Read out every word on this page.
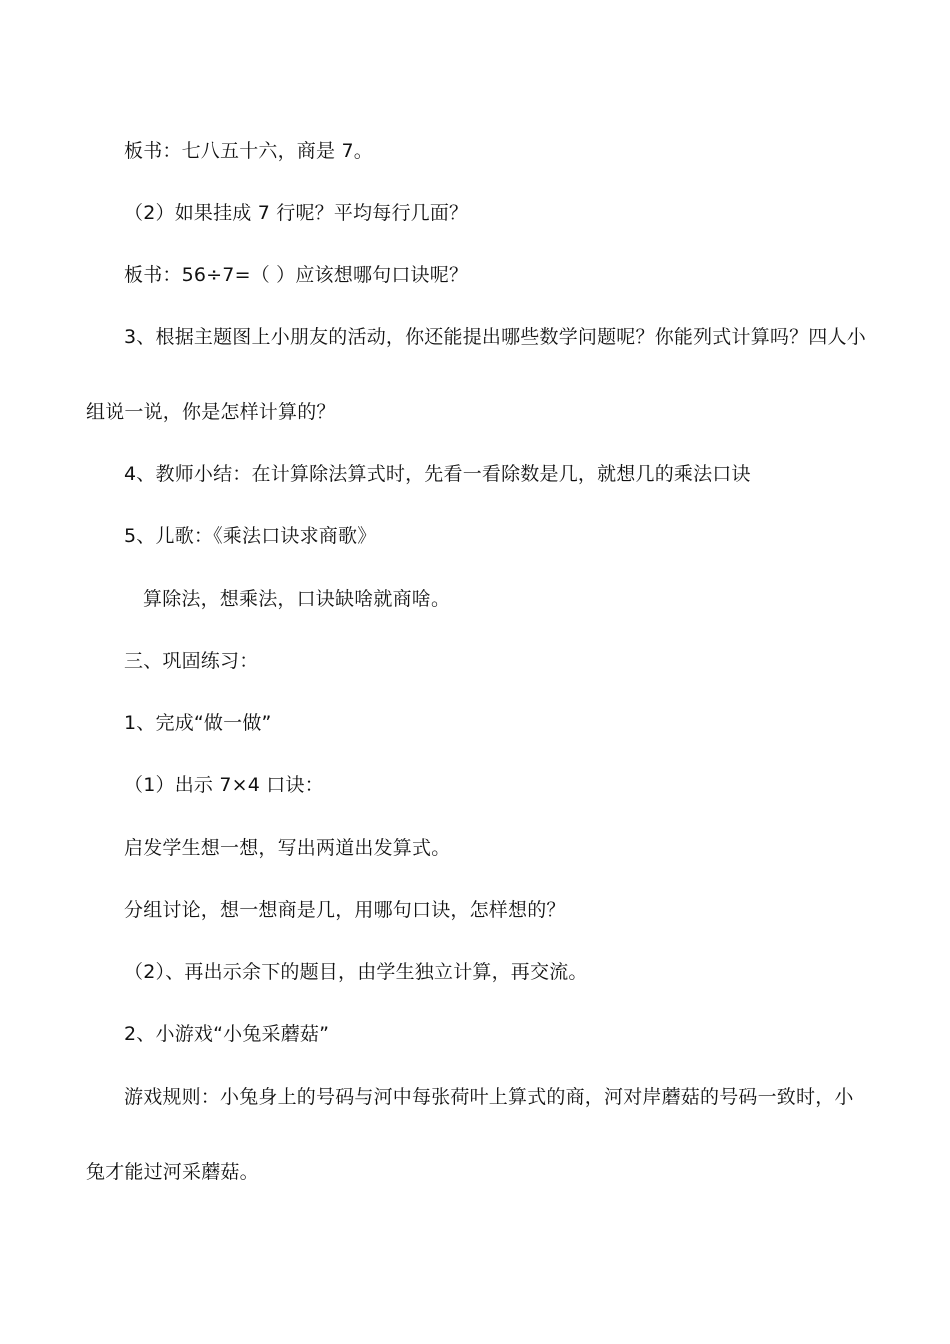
板书：七八五十六，商是 7。
（2）如果挂成 7 行呢？平均每行几面？
板书：56÷7=（ ）应该想哪句口诀呢？
3、根据主题图上小朋友的活动，你还能提出哪些数学问题呢？你能列式计算吗？四人小
组说一说，你是怎样计算的？
4、教师小结：在计算除法算式时，先看一看除数是几，就想几的乘法口诀
5、儿歌：《乘法口诀求商歌》
算除法，想乘法，口诀缺啥就商啥。
三、巩固练习：
1、完成“做一做”
（1）出示 7×4 口诀：
启发学生想一想，写出两道出发算式。
分组讨论，想一想商是几，用哪句口诀，怎样想的？
（2）、再出示余下的题目，由学生独立计算，再交流。
2、小游戏“小兔采蘑菇”
游戏规则：小兔身上的号码与河中每张荷叶上算式的商，河对岸蘑菇的号码一致时，小
兔才能过河采蘑菇。
